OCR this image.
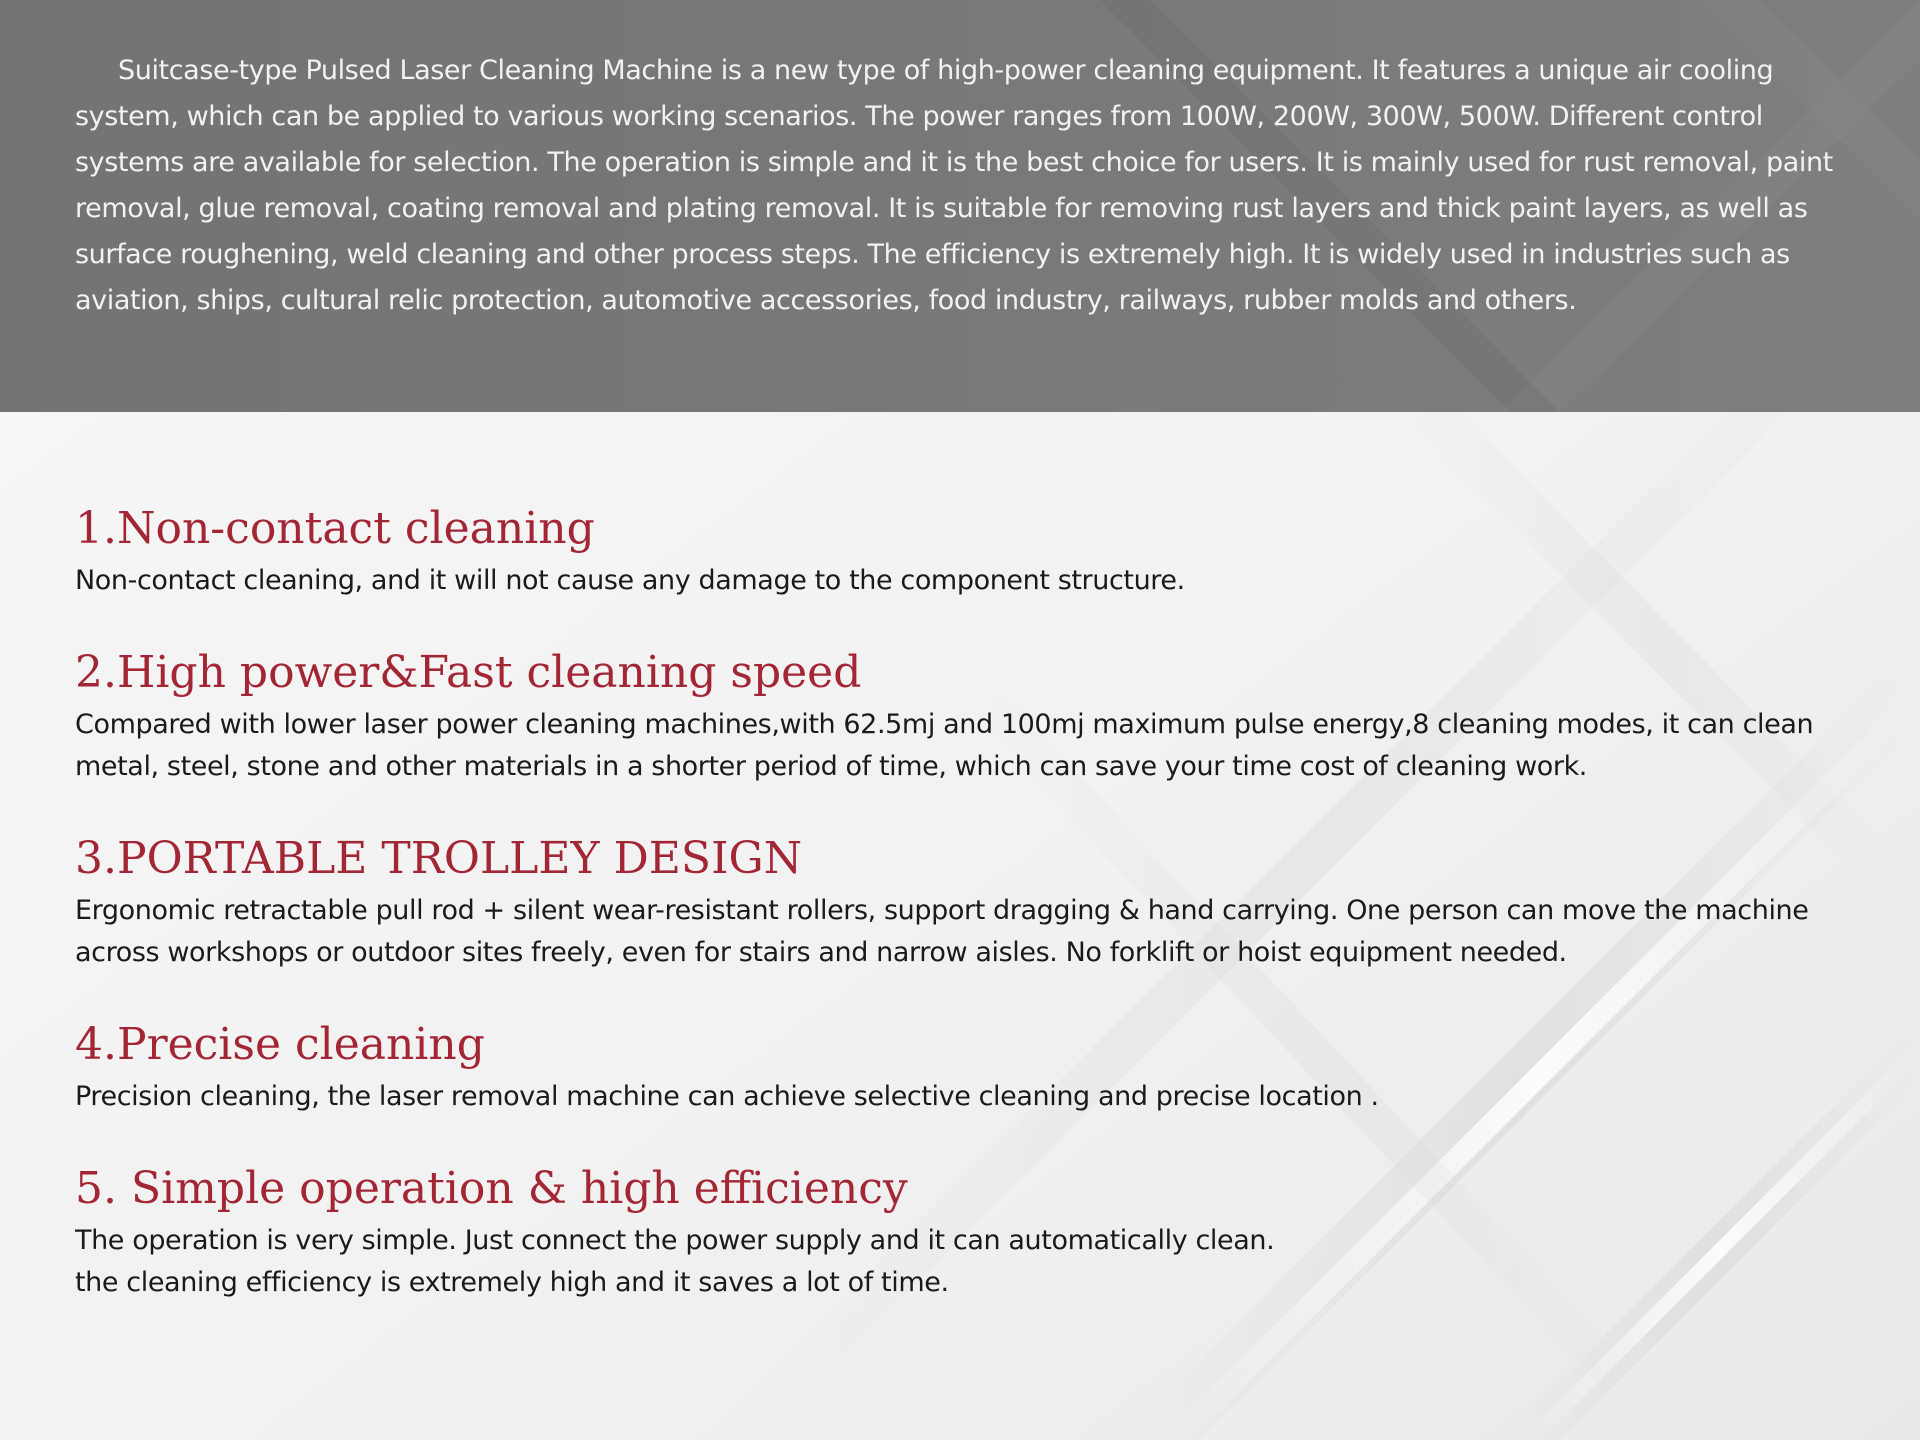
Suitcase-type Pulsed Laser Cleaning Machine is a new type of high-power cleaning equipment. It features a unique air cooling system, which can be applied to various working scenarios. The power ranges from 100W, 200W, 300W, 500W. Different control systems are available for selection. The operation is simple and it is the best choice for users. It is mainly used for rust removal, paint removal, glue removal, coating removal and plating removal. It is suitable for removing rust layers and thick paint layers, as well as surface roughening, weld cleaning and other process steps. The efficiency is extremely high. It is widely used in industries such as aviation, ships, cultural relic protection, automotive accessories, food industry, railways, rubber molds and others.

1.Non-contact cleaning

Non-contact cleaning, and it will not cause any damage to the component structure.

2.High power&Fast cleaning speed

Compared with lower laser power cleaning machines,with 62.5mj and 100mj maximum pulse energy,8 cleaning modes, it can clean metal, steel, stone and other materials in a shorter period of time, which can save your time cost of cleaning work.

3.PORTABLE TROLLEY DESIGN

Ergonomic retractable pull rod + silent wear-resistant rollers, support dragging & hand carrying. One person can move the machine across workshops or outdoor sites freely, even for stairs and narrow aisles. No forklift or hoist equipment needed.

4.Precise cleaning

Precision cleaning, the laser removal machine can achieve selective cleaning and precise location .

5. Simple operation & high efficiency

The operation is very simple. Just connect the power supply and it can automatically clean.
the cleaning efficiency is extremely high and it saves a lot of time.
